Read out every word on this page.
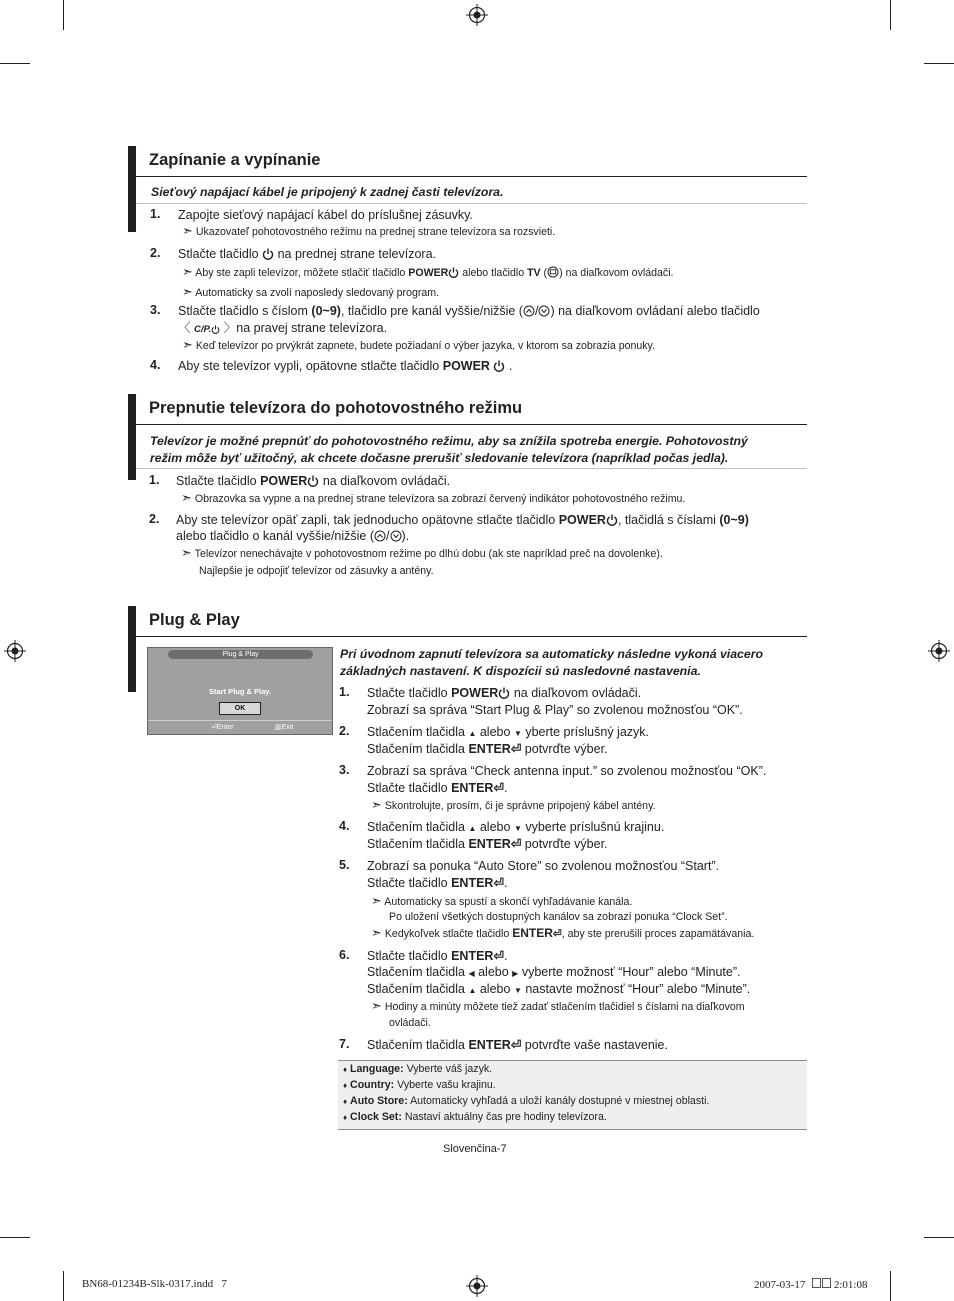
Zapínanie a vypínanie
Sieťový napájací kábel je pripojený k zadnej časti televízora.
1. Zapojte sieťový napájací kábel do príslušnej zásuvky.
➣ Ukazovateľ pohotovostného režimu na prednej strane televízora sa rozsvieti.
2. Stlačte tlačidlo na prednej strane televízora.
➣ Aby ste zapli televízor, môžete stlačiť tlačidlo POWER alebo tlačidlo TV ( ) na diaľkovom ovládači.
➣ Automaticky sa zvolí naposledy sledovaný program.
3. Stlačte tlačidlo s číslom (0~9), tlačidlo pre kanál vyššie/nižšie ( / ) na diaľkovom ovládaní alebo tlačidlo
〈 C/P. 〉na pravej strane televízora.
➣ Keď televízor po prvýkrát zapnete, budete požiadaní o výber jazyka, v ktorom sa zobrazia ponuky.
4. Aby ste televízor vypli, opätovne stlačte tlačidlo POWER .
Prepnutie televízora do pohotovostného režimu
Televízor je možné prepnúť do pohotovostného režimu, aby sa znížila spotreba energie. Pohotovostný
režim môže byť užitočný, ak chcete dočasne prerušiť sledovanie televízora (napríklad počas jedla).
1. Stlačte tlačidlo POWER na diaľkovom ovládači.
➣ Obrazovka sa vypne a na prednej strane televízora sa zobrazí červený indikátor pohotovostného režimu.
2. Aby ste televízor opäť zapli, tak jednoducho opätovne stlačte tlačidlo POWER , tlačidlá s číslami (0~9)
alebo tlačidlo o kanál vyššie/nižšie ( / ).
➣ Televízor nenechávajte v pohotovostnom režime po dlhú dobu (ak ste napríklad preč na dovolenke).
Najlepšie je odpojiť televízor od zásuvky a antény.
Plug & Play
Plug & Play
Start Plug & Play.
OK
⏎Enter	▥Exit
Pri úvodnom zapnutí televízora sa automaticky následne vykoná viacero
základných nastavení. K dispozícii sú nasledovné nastavenia.
1. Stlačte tlačidlo POWER na diaľkovom ovládači.
Zobrazí sa správa “Start Plug & Play” so zvolenou možnosťou “OK”.
2. Stlačením tlačidla ▲ alebo ▼ yberte príslušný jazyk.
Stlačením tlačidla ENTER⏎ potvrďte výber.
3. Zobrazí sa správa “Check antenna input.” so zvolenou možnosťou “OK”.
Stlačte tlačidlo ENTER⏎.
➣ Skontrolujte, prosím, či je správne pripojený kábel antény.
4. Stlačením tlačidla ▲ alebo ▼ vyberte príslušnú krajinu.
Stlačením tlačidla ENTER⏎ potvrďte výber.
5. Zobrazí sa ponuka “Auto Store” so zvolenou možnosťou “Start”.
Stlačte tlačidlo ENTER⏎.
➣ Automaticky sa spustí a skončí vyhľadávanie kanála.
Po uložení všetkých dostupných kanálov sa zobrazí ponuka “Clock Set”.
➣ Kedykoľvek stlačte tlačidlo ENTER⏎, aby ste prerušili proces zapamätávania.
6. Stlačte tlačidlo ENTER⏎.
Stlačením tlačidla ◀ alebo ▶ vyberte možnosť “Hour” alebo “Minute”.
Stlačením tlačidla ▲ alebo ▼ nastavte možnosť “Hour” alebo “Minute”.
➣ Hodiny a minúty môžete tiež zadať stlačením tlačidiel s číslami na diaľkovom
ovládači.
7. Stlačením tlačidla ENTER⏎ potvrďte vaše nastavenie.
♦ Language: Vyberte váš jazyk.
♦ Country: Vyberte vašu krajinu.
♦ Auto Store: Automaticky vyhľadá a uloží kanály dostupné v miestnej oblasti.
♦ Clock Set: Nastaví aktuálny čas pre hodiny televízora.
Slovenčina-7
BN68-01234B-Slk-0317.indd   7	2007-03-17	2:01:08
